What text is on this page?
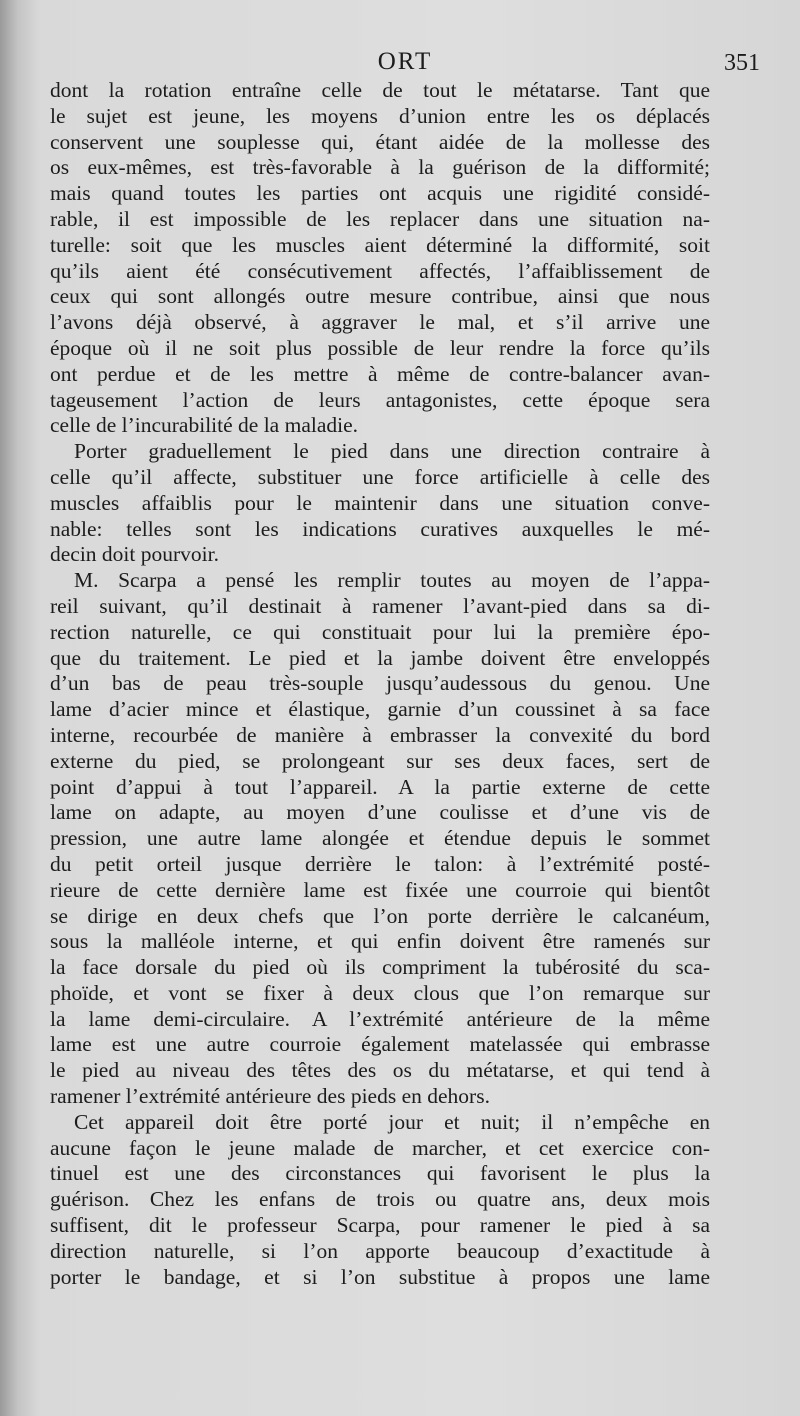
ORT	351
dont la rotation entraîne celle de tout le métatarse. Tant que
le sujet est jeune, les moyens d’union entre les os déplacés
conservent une souplesse qui, étant aidée de la mollesse des
os eux-mêmes, est très-favorable à la guérison de la difformité;
mais quand toutes les parties ont acquis une rigidité considé-
rable, il est impossible de les replacer dans une situation na-
turelle: soit que les muscles aient déterminé la difformité, soit
qu’ils aient été consécutivement affectés, l’affaiblissement de
ceux qui sont allongés outre mesure contribue, ainsi que nous
l’avons déjà observé, à aggraver le mal, et s’il arrive une
époque où il ne soit plus possible de leur rendre la force qu’ils
ont perdue et de les mettre à même de contre-balancer avan-
tageusement l’action de leurs antagonistes, cette époque sera
celle de l’incurabilité de la maladie.
Porter graduellement le pied dans une direction contraire à
celle qu’il affecte, substituer une force artificielle à celle des
muscles affaiblis pour le maintenir dans une situation conve-
nable: telles sont les indications curatives auxquelles le mé-
decin doit pourvoir.
M. Scarpa a pensé les remplir toutes au moyen de l’appa-
reil suivant, qu’il destinait à ramener l’avant-pied dans sa di-
rection naturelle, ce qui constituait pour lui la première épo-
que du traitement. Le pied et la jambe doivent être enveloppés
d’un bas de peau très-souple jusqu’audessous du genou. Une
lame d’acier mince et élastique, garnie d’un coussinet à sa face
interne, recourbée de manière à embrasser la convexité du bord
externe du pied, se prolongeant sur ses deux faces, sert de
point d’appui à tout l’appareil. A la partie externe de cette
lame on adapte, au moyen d’une coulisse et d’une vis de
pression, une autre lame alongée et étendue depuis le sommet
du petit orteil jusque derrière le talon: à l’extrémité posté-
rieure de cette dernière lame est fixée une courroie qui bientôt
se dirige en deux chefs que l’on porte derrière le calcanéum,
sous la malléole interne, et qui enfin doivent être ramenés sur
la face dorsale du pied où ils compriment la tubérosité du sca-
phoïde, et vont se fixer à deux clous que l’on remarque sur
la lame demi-circulaire. A l’extrémité antérieure de la même
lame est une autre courroie également matelassée qui embrasse
le pied au niveau des têtes des os du métatarse, et qui tend à
ramener l’extrémité antérieure des pieds en dehors.
Cet appareil doit être porté jour et nuit; il n’empêche en
aucune façon le jeune malade de marcher, et cet exercice con-
tinuel est une des circonstances qui favorisent le plus la
guérison. Chez les enfans de trois ou quatre ans, deux mois
suffisent, dit le professeur Scarpa, pour ramener le pied à sa
direction naturelle, si l’on apporte beaucoup d’exactitude à
porter le bandage, et si l’on substitue à propos une lame
